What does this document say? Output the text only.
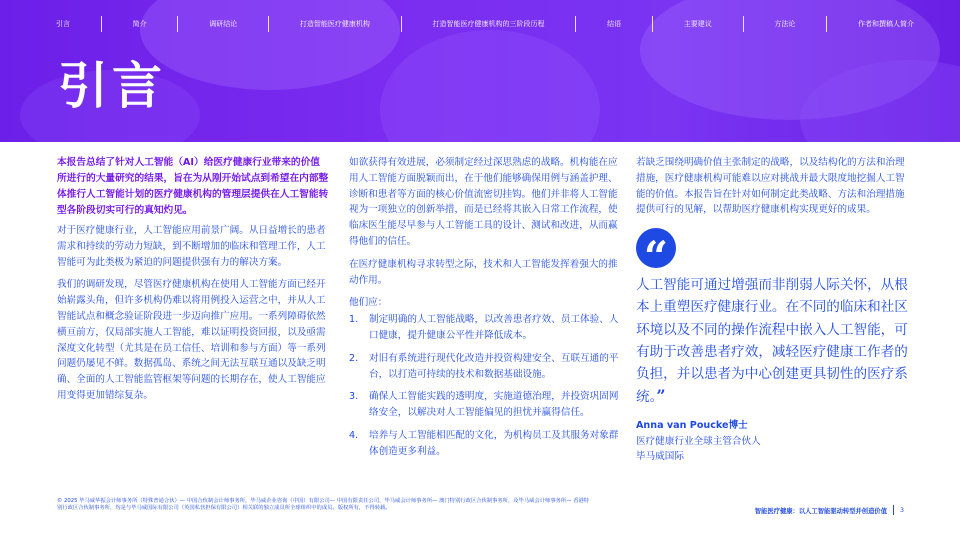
引言	简介	调研结论	打造智能医疗健康机构	打造智能医疗健康机构的三阶段历程	结语	主要建议	方法论	作者和撰稿人简介
引言

本报告总结了针对人工智能（AI）给医疗健康行业带来的价值所进行的大量研究的结果，旨在为从刚开始试点到希望在内部整体推行人工智能计划的医疗健康机构的管理层提供在人工智能转型各阶段切实可行的真知灼见。

对于医疗健康行业，人工智能应用前景广阔。从日益增长的患者需求和持续的劳动力短缺，到不断增加的临床和管理工作，人工智能可为此类极为紧迫的问题提供强有力的解决方案。

我们的调研发现，尽管医疗健康机构在使用人工智能方面已经开始崭露头角，但许多机构仍难以将用例投入运营之中，并从人工智能试点和概念验证阶段进一步迈向推广应用。一系列障碍依然横亘前方，仅局部实施人工智能，难以证明投资回报，以及亟需深度文化转型（尤其是在员工信任、培训和参与方面）等一系列问题仍屡见不鲜。数据孤岛、系统之间无法互联互通以及缺乏明确、全面的人工智能监管框架等问题的长期存在，使人工智能应用变得更加错综复杂。

如欲获得有效进展，必须制定经过深思熟虑的战略。机构能在应用人工智能方面脱颖而出，在于他们能够确保用例与涵盖护理、诊断和患者等方面的核心价值流密切挂钩。他们并非将人工智能视为一项独立的创新举措，而是已经将其嵌入日常工作流程，使临床医生能尽早参与人工智能工具的设计、测试和改进，从而赢得他们的信任。

在医疗健康机构寻求转型之际，技术和人工智能发挥着强大的推动作用。

他们应：

1. 制定明确的人工智能战略，以改善患者疗效、员工体验、人口健康，提升健康公平性并降低成本。
2. 对旧有系统进行现代化改造并投资构建安全、互联互通的平台，以打造可持续的技术和数据基础设施。
3. 确保人工智能实践的透明度，实施道德治理，并投资巩固网络安全，以解决对人工智能偏见的担忧并赢得信任。
4. 培养与人工智能相匹配的文化，为机构员工及其服务对象群体创造更多利益。

若缺乏围绕明确价值主张制定的战略，以及结构化的方法和治理措施，医疗健康机构可能难以应对挑战并最大限度地挖掘人工智能的价值。本报告旨在针对如何制定此类战略、方法和治理措施提供可行的见解，以帮助医疗健康机构实现更好的成果。

“

人工智能可通过增强而非削弱人际关怀，从根本上重塑医疗健康行业。在不同的临床和社区环境以及不同的操作流程中嵌入人工智能，可有助于改善患者疗效，减轻医疗健康工作者的负担，并以患者为中心创建更具韧性的医疗系统。”

Anna van Poucke博士

医疗健康行业全球主管合伙人

毕马威国际

© 2025 毕马威华振会计师事务所（特殊普通合伙）— 中国合伙制会计师事务所，毕马威企业咨询（中国）有限公司— 中国有限责任公司，毕马威会计师事务所— 澳门特别行政区合伙制事务所，及毕马威会计师事务所— 香港特别行政区合伙制事务所，均是与毕马威国际有限公司（英国私营担保有限公司）相关联的独立成员所全球组织中的成员。版权所有，不得转载。	智能医疗健康：以人工智能驱动转型并创造价值 3
